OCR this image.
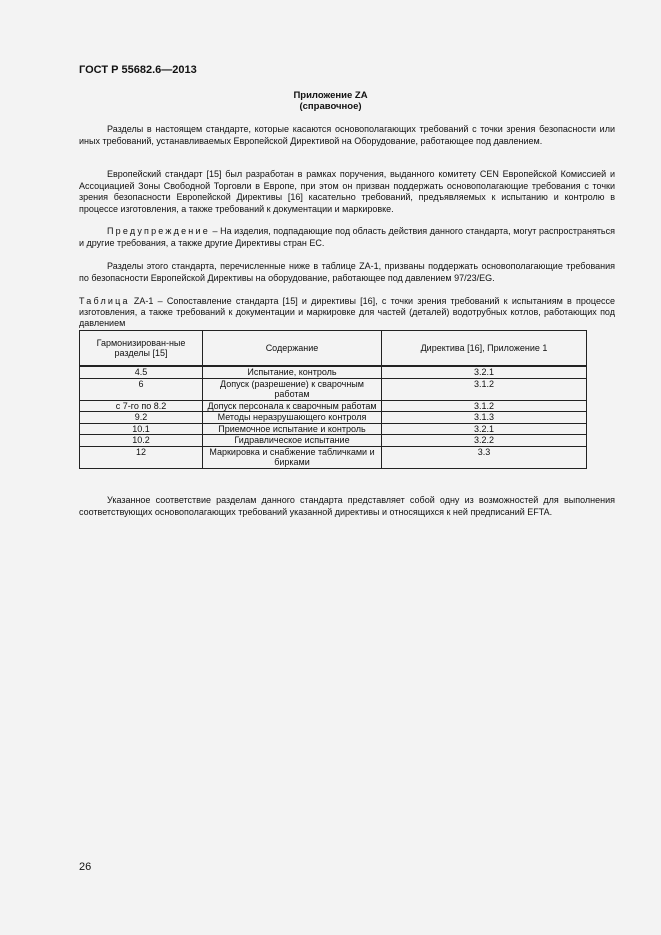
ГОСТ Р 55682.6—2013
Приложение ZA
(справочное)
Разделы в настоящем стандарте, которые касаются основополагающих требований с точки зрения безопасности или иных требований, устанавливаемых Европейской Директивой на Оборудование, работающее под давлением.
Европейский стандарт [15] был разработан в рамках поручения, выданного комитету CEN Европейской Комиссией и Ассоциацией Зоны Свободной Торговли в Европе, при этом он призван поддержать основополагающие требования с точки зрения безопасности Европейской Директивы [16] касательно требований, предъявляемых к испытанию и контролю в процессе изготовления, а также требований к документации и маркировке.
Предупреждение – На изделия, подпадающие под область действия данного стандарта, могут распространяться и другие требования, а также другие Директивы стран ЕС.
Разделы этого стандарта, перечисленные ниже в таблице ZA-1, призваны поддержать основополагающие требования по безопасности Европейской Директивы на оборудование, работающее под давлением 97/23/EG.
Таблица ZA-1 – Сопоставление стандарта [15] и директивы [16], с точки зрения требований к испытаниям в процессе изготовления, а также требований к документации и маркировке для частей (деталей) водотрубных котлов, работающих под давлением
Гармонизирован-ные разделы [15]	Содержание	Директива [16], Приложение 1
4.5	Испытание, контроль	3.2.1
6	Допуск (разрешение) к сварочным работам	3.1.2
с 7-го по 8.2	Допуск персонала к сварочным работам	3.1.2
9.2	Методы неразрушающего контроля	3.1.3
10.1	Приемочное испытание и контроль	3.2.1
10.2	Гидравлическое испытание	3.2.2
12	Маркировка и снабжение табличками и бирками	3.3
Указанное соответствие разделам данного стандарта представляет собой одну из возможностей для выполнения соответствующих основополагающих требований указанной директивы и относящихся к ней предписаний EFTA.
26
